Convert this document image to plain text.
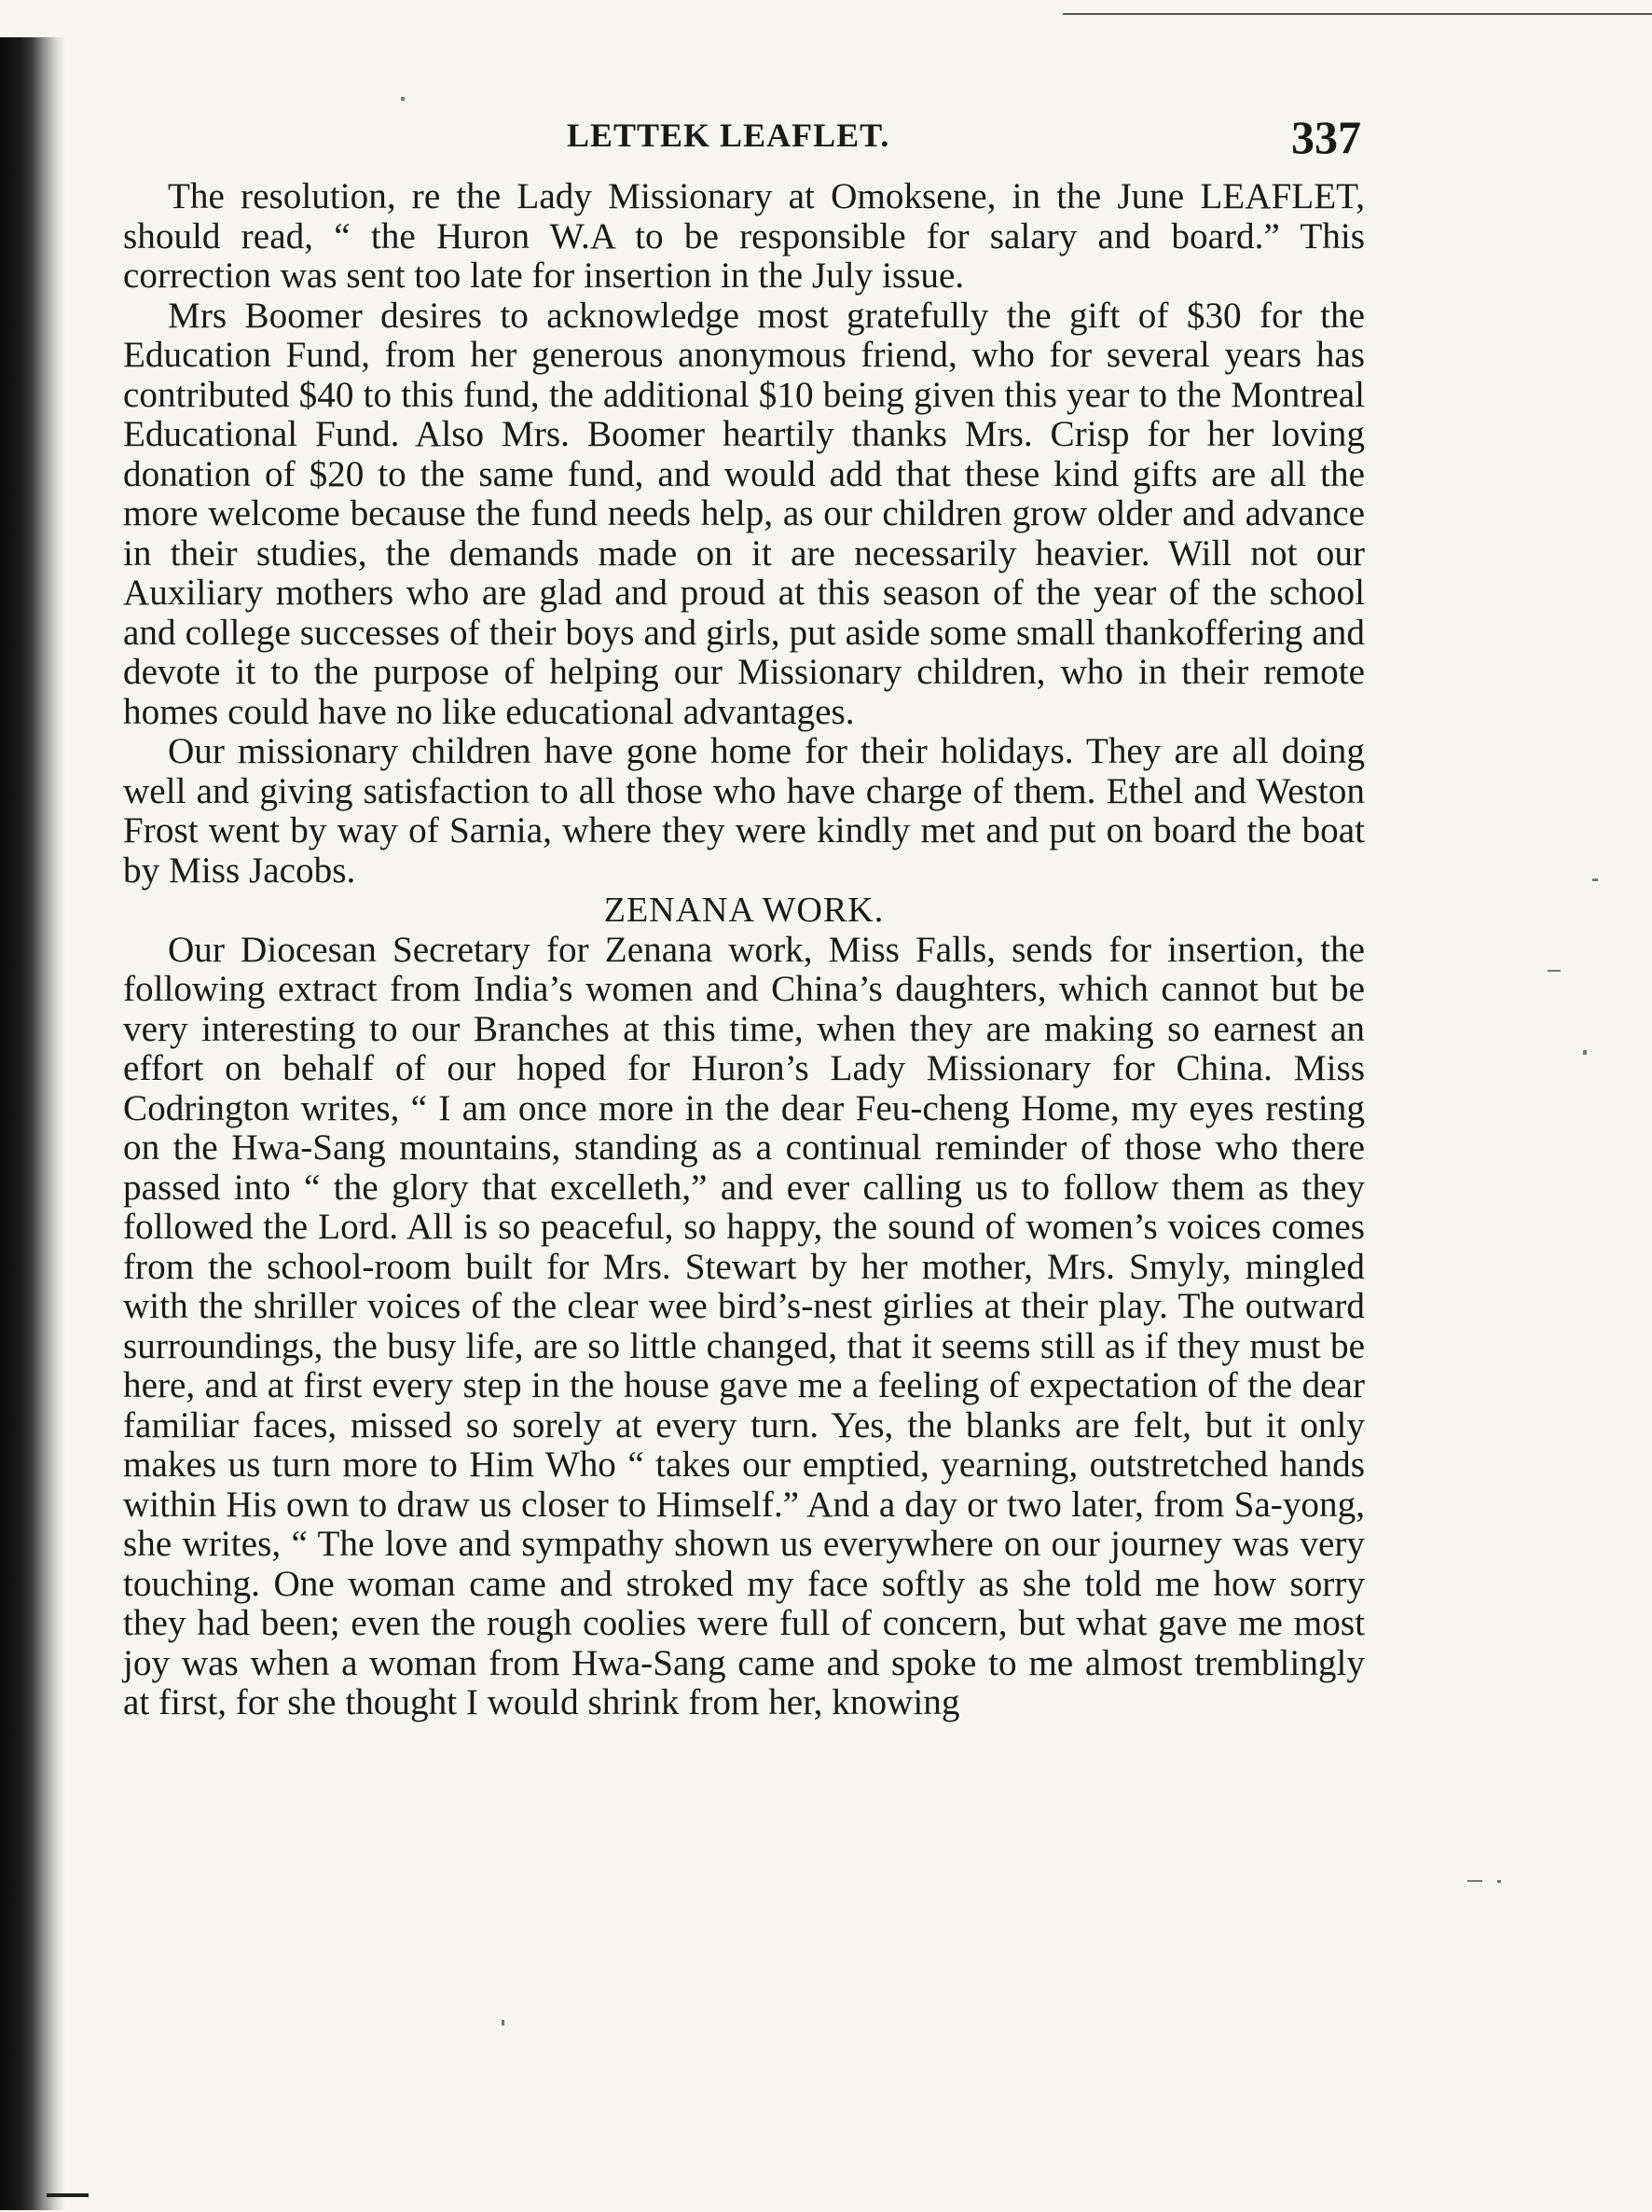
LETTEK LEAFLET.	337

The resolution, re the Lady Missionary at Omoksene, in the June LEAFLET, should read, “ the Huron W.A to be responsible for salary and board.” This correction was sent too late for insertion in the July issue.

Mrs Boomer desires to acknowledge most gratefully the gift of $30 for the Education Fund, from her generous anonymous friend, who for several years has contributed $40 to this fund, the additional $10 being given this year to the Montreal Educational Fund. Also Mrs. Boomer heartily thanks Mrs. Crisp for her loving donation of $20 to the same fund, and would add that these kind gifts are all the more welcome because the fund needs help, as our children grow older and advance in their studies, the demands made on it are necessarily heavier. Will not our Auxiliary mothers who are glad and proud at this season of the year of the school and college successes of their boys and girls, put aside some small thankoffering and devote it to the purpose of helping our Missionary children, who in their remote homes could have no like educational advantages.

Our missionary children have gone home for their holidays. They are all doing well and giving satisfaction to all those who have charge of them. Ethel and Weston Frost went by way of Sarnia, where they were kindly met and put on board the boat by Miss Jacobs.

ZENANA WORK.

Our Diocesan Secretary for Zenana work, Miss Falls, sends for insertion, the following extract from India’s women and China’s daughters, which cannot but be very interesting to our Branches at this time, when they are making so earnest an effort on behalf of our hoped for Huron’s Lady Missionary for China. Miss Codrington writes, “ I am once more in the dear Feu-cheng Home, my eyes resting on the Hwa-Sang mountains, standing as a continual reminder of those who there passed into “ the glory that excelleth,” and ever calling us to follow them as they followed the Lord. All is so peaceful, so happy, the sound of women’s voices comes from the school-room built for Mrs. Stewart by her mother, Mrs. Smyly, mingled with the shriller voices of the clear wee bird’s-nest girlies at their play. The outward surroundings, the busy life, are so little changed, that it seems still as if they must be here, and at first every step in the house gave me a feeling of expectation of the dear familiar faces, missed so sorely at every turn. Yes, the blanks are felt, but it only makes us turn more to Him Who “ takes our emptied, yearning, outstretched hands within His own to draw us closer to Himself.” And a day or two later, from Sa-yong, she writes, “ The love and sympathy shown us everywhere on our journey was very touching. One woman came and stroked my face softly as she told me how sorry they had been; even the rough coolies were full of concern, but what gave me most joy was when a woman from Hwa-Sang came and spoke to me almost tremblingly at first, for she thought I would shrink from her, knowing
